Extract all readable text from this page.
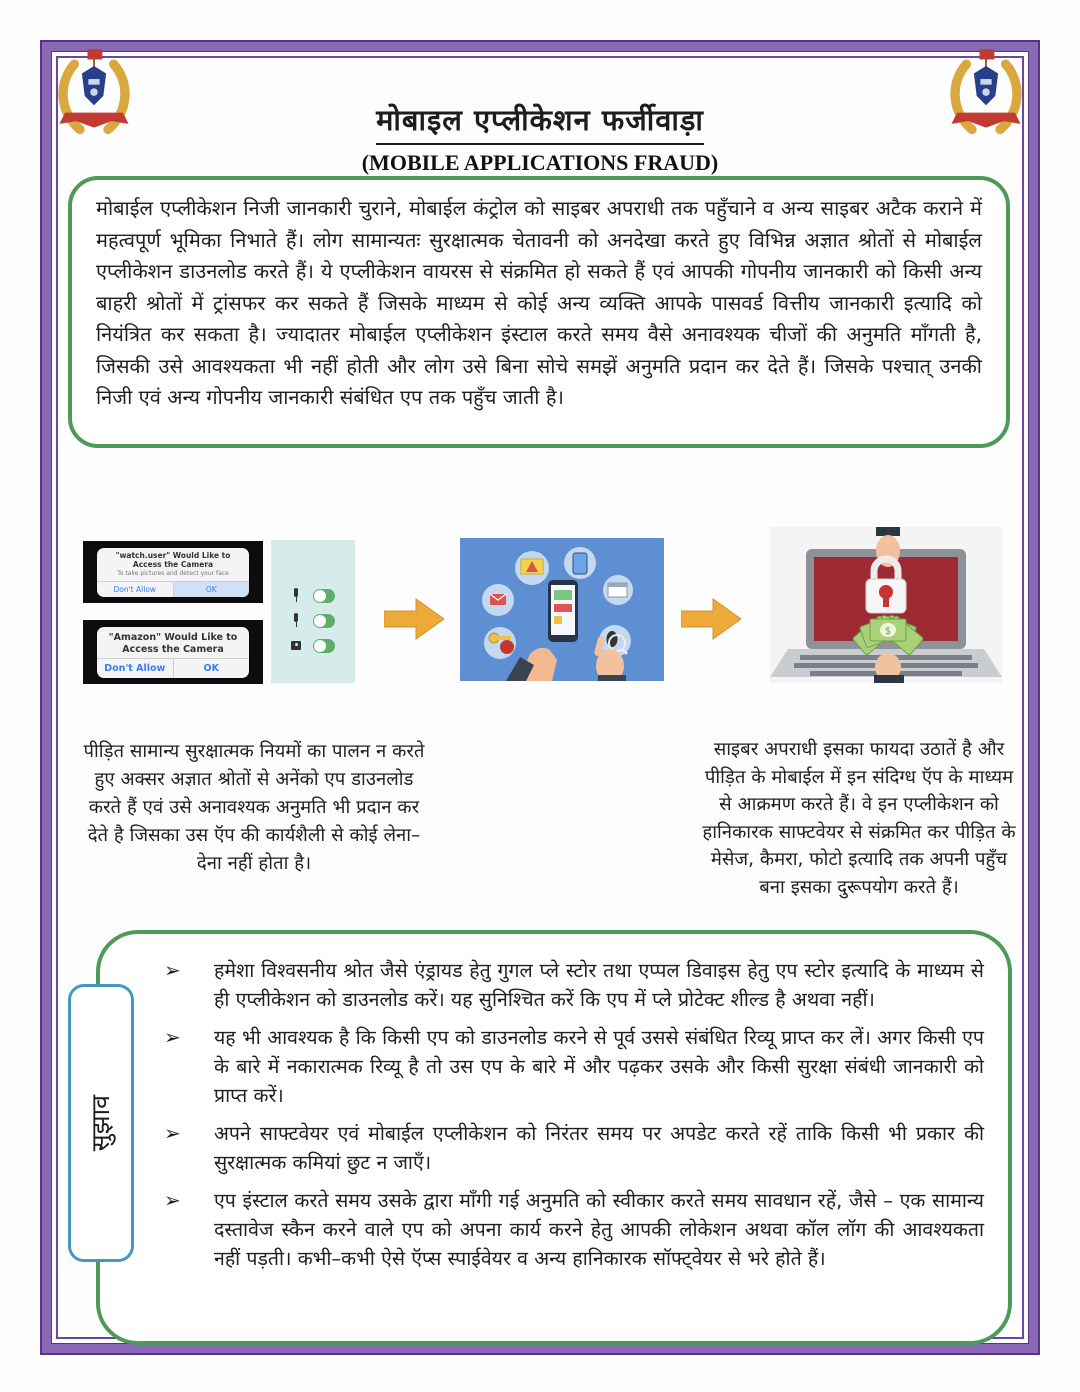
मोबाइल एप्लीकेशन फर्जीवाड़ा
(MOBILE APPLICATIONS FRAUD)

मोबाईल एप्लीकेशन निजी जानकारी चुराने, मोबाईल कंट्रोल को साइबर अपराधी तक पहुँचाने व अन्य साइबर अटैक कराने में महत्वपूर्ण भूमिका निभाते हैं। लोग सामान्यतः सुरक्षात्मक चेतावनी को अनदेखा करते हुए विभिन्न अज्ञात श्रोतों से मोबाईल एप्लीकेशन डाउनलोड करते हैं। ये एप्लीकेशन वायरस से संक्रमित हो सकते हैं एवं आपकी गोपनीय जानकारी को किसी अन्य बाहरी श्रोतों में ट्रांसफर कर सकते हैं जिसके माध्यम से कोई अन्य व्यक्ति आपके पासवर्ड वित्तीय जानकारी इत्यादि को नियंत्रित कर सकता है। ज्यादातर मोबाईल एप्लीकेशन इंस्टाल करते समय वैसे अनावश्यक चीजों की अनुमति माँगती है, जिसकी उसे आवश्यकता भी नहीं होती और लोग उसे बिना सोचे समझें अनुमति प्रदान कर देते हैं। जिसके पश्चात् उनकी निजी एवं अन्य गोपनीय जानकारी संबंधित एप तक पहुँच जाती है।

"watch.user" Would Like to Access the Camera
To take pictures and detect your face
Don't Allow	OK
"Amazon" Would Like to Access the Camera
Don't Allow	OK
$
पीड़ित सामान्य सुरक्षात्मक नियमों का पालन न करते हुए अक्सर अज्ञात श्रोतों से अनेंको एप डाउनलोड करते हैं एवं उसे अनावश्यक अनुमति भी प्रदान कर देते है जिसका उस ऍप की कार्यशैली से कोई लेना–देना नहीं होता है।
साइबर अपराधी इसका फायदा उठातें है और पीड़ित के मोबाईल में इन संदिग्ध ऍप के माध्यम से आक्रमण करते हैं। वे इन एप्लीकेशन को हानिकारक साफ्टवेयर से संक्रमित कर पीड़ित के मेसेज, कैमरा, फोटो इत्यादि तक अपनी पहुँच बना इसका दुरूपयोग करते हैं।
➢	हमेशा विश्वसनीय श्रोत जैसे एंड्रायड हेतु गुगल प्ले स्टोर तथा एप्पल डिवाइस हेतु एप स्टोर इत्यादि के माध्यम से ही एप्लीकेशन को डाउनलोड करें। यह सुनिश्चित करें कि एप में प्ले प्रोटेक्ट शील्ड है अथवा नहीं।
➢	यह भी आवश्यक है कि किसी एप को डाउनलोड करने से पूर्व उससे संबंधित रिव्यू प्राप्त कर लें। अगर किसी एप के बारे में नकारात्मक रिव्यू है तो उस एप के बारे में और पढ़कर उसके और किसी सुरक्षा संबंधी जानकारी को प्राप्त करें।
➢	अपने साफ्टवेयर एवं मोबाईल एप्लीकेशन को निरंतर समय पर अपडेट करते रहें ताकि किसी भी प्रकार की सुरक्षात्मक कमियां छुट न जाएँ।
➢	एप इंस्टाल करते समय उसके द्वारा माँगी गई अनुमति को स्वीकार करते समय सावधान रहें, जैसे – एक सामान्य दस्तावेज स्कैन करने वाले एप को अपना कार्य करने हेतु आपकी लोकेशन अथवा कॉल लॉग की आवश्यकता नहीं पड़ती। कभी–कभी ऐसे ऍप्स स्पाईवेयर व अन्य हानिकारक सॉफ्ट्वेयर से भरे होते हैं।
सुझाव
